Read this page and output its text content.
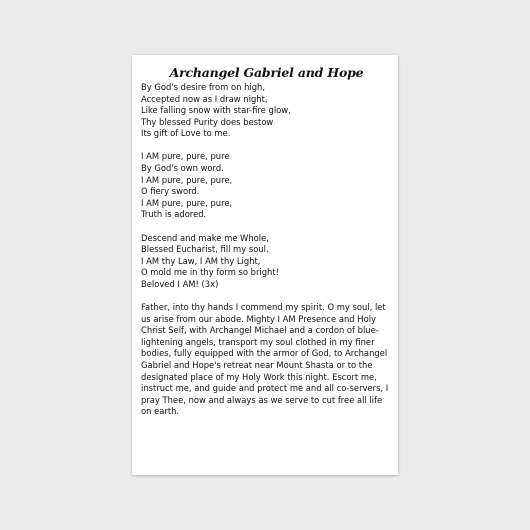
Archangel Gabriel and Hope
By God's desire from on high,
Accepted now as I draw night,
Like falling snow with star-fire glow,
Thy blessed Purity does bestow
Its gift of Love to me.
I AM pure, pure, pure
By God's own word.
I AM pure, pure, pure,
O fiery sword.
I AM pure, pure, pure,
Truth is adored.
Descend and make me Whole,
Blessed Eucharist, fill my soul.
I AM thy Law, I AM thy Light,
O mold me in thy form so bright!
Beloved I AM! (3x)

Father, into thy hands I commend my spirit. O my soul, let us arise from our abode. Mighty I AM Presence and Holy Christ Self, with Archangel Michael and a cordon of blue-lightening angels, transport my soul clothed in my finer bodies, fully equipped with the armor of God, to Archangel Gabriel and Hope's retreat near Mount Shasta or to the designated place of my Holy Work this night. Escort me, instruct me, and guide and protect me and all co-servers, I pray Thee, now and always as we serve to cut free all life on earth.
